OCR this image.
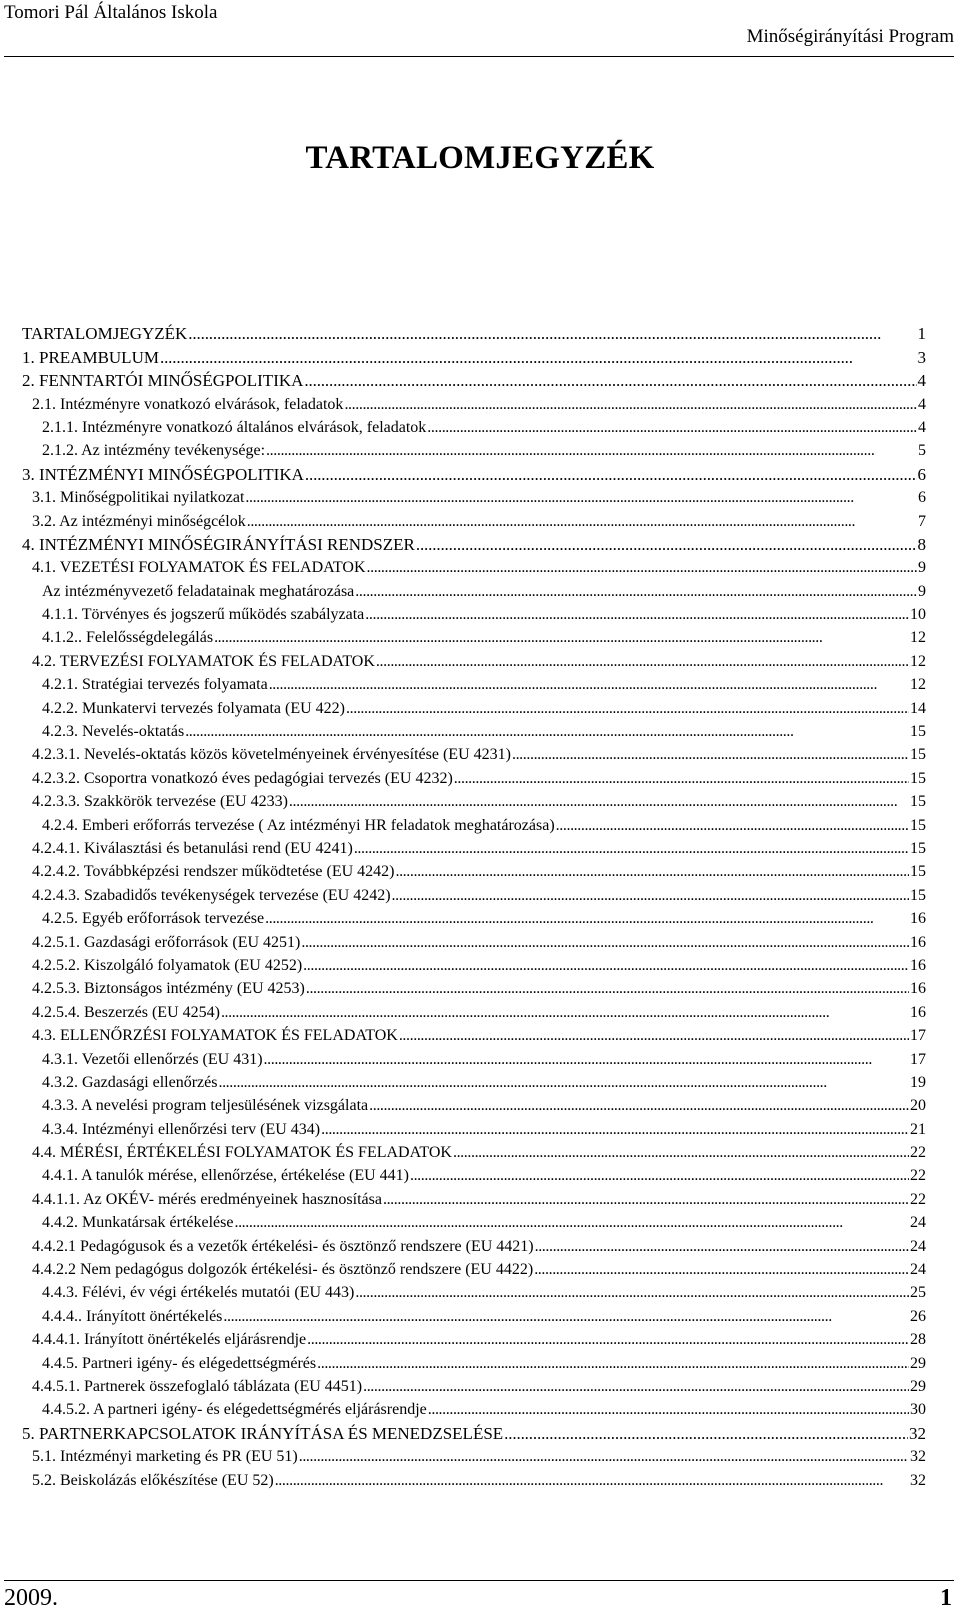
Tomori Pál Általános Iskola
Minőségirányítási Program
TARTALOMJEGYZÉK
TARTALOMJEGYZÉK . . .	1
1. PREAMBULUM . . .	3
2. FENNTARTÓI MINŐSÉGPOLITIKA . . .	4
2.1. Intézményre vonatkozó elvárások, feladatok . . .	4
2.1.1. Intézményre vonatkozó általános elvárások, feladatok . . .	4
2.1.2. Az intézmény tevékenysége: . . .	5
3. INTÉZMÉNYI MINŐSÉGPOLITIKA . . .	6
3.1. Minőségpolitikai nyilatkozat . . .	6
3.2. Az intézményi minőségcélok . . .	7
4. INTÉZMÉNYI MINŐSÉGIRÁNYÍTÁSI RENDSZER . . .	8
4.1. VEZETÉSI FOLYAMATOK ÉS FELADATOK . . .	9
Az intézményvezető feladatainak meghatározása . . .	9
4.1.1. Törvényes és jogszerű működés szabályzata . . .	10
4.1.2.. Felelősségdelegálás . . .	12
4.2. TERVEZÉSI FOLYAMATOK ÉS FELADATOK . . .	12
4.2.1. Stratégiai tervezés folyamata . . .	12
4.2.2. Munkatervi tervezés folyamata (EU 422) . . .	14
4.2.3. Nevelés-oktatás . . .	15
4.2.3.1. Nevelés-oktatás közös követelményeinek érvényesítése (EU 4231) . . .	15
4.2.3.2. Csoportra vonatkozó éves pedagógiai tervezés (EU 4232) . . .	15
4.2.3.3. Szakkörök tervezése (EU 4233) . . .	15
4.2.4. Emberi erőforrás tervezése ( Az intézményi HR feladatok meghatározása) . . .	15
4.2.4.1. Kiválasztási és betanulási rend (EU 4241) . . .	15
4.2.4.2. Továbbképzési rendszer működtetése (EU 4242) . . .	15
4.2.4.3. Szabadidős tevékenységek tervezése (EU 4242) . . .	15
4.2.5. Egyéb erőforrások tervezése . . .	16
4.2.5.1. Gazdasági erőforrások (EU 4251) . . .	16
4.2.5.2. Kiszolgáló folyamatok (EU 4252) . . .	16
4.2.5.3. Biztonságos intézmény (EU 4253) . . .	16
4.2.5.4. Beszerzés (EU 4254) . . .	16
4.3. ELLENŐRZÉSI FOLYAMATOK ÉS FELADATOK . . .	17
4.3.1. Vezetői ellenőrzés (EU 431) . . .	17
4.3.2. Gazdasági ellenőrzés . . .	19
4.3.3. A nevelési program teljesülésének vizsgálata . . .	20
4.3.4. Intézményi ellenőrzési terv (EU 434) . . .	21
4.4. MÉRÉSI, ÉRTÉKELÉSI FOLYAMATOK ÉS FELADATOK . . .	22
4.4.1. A tanulók mérése, ellenőrzése, értékelése (EU 441) . . .	22
4.4.1.1. Az OKÉV- mérés eredményeinek hasznosítása . . .	22
4.4.2. Munkatársak értékelése . . .	24
4.4.2.1 Pedagógusok és a vezetők értékelési- és ösztönző rendszere (EU 4421) . . .	24
4.4.2.2 Nem pedagógus dolgozók értékelési- és ösztönző rendszere (EU 4422) . . .	24
4.4.3. Félévi, év végi értékelés mutatói (EU 443) . . .	25
4.4.4.. Irányított önértékelés . . .	26
4.4.4.1. Irányított önértékelés eljárásrendje . . .	28
4.4.5. Partneri igény- és elégedettségmérés . . .	29
4.4.5.1. Partnerek összefoglaló táblázata (EU 4451) . . .	29
4.4.5.2. A partneri igény- és elégedettségmérés eljárásrendje . . .	30
5. PARTNERKAPCSOLATOK IRÁNYÍTÁSA ÉS MENEDZSELÉSE . . .	32
5.1. Intézményi marketing és PR (EU 51) . . .	32
5.2. Beiskolázás előkészítése (EU 52) . . .	32
2009.	1
